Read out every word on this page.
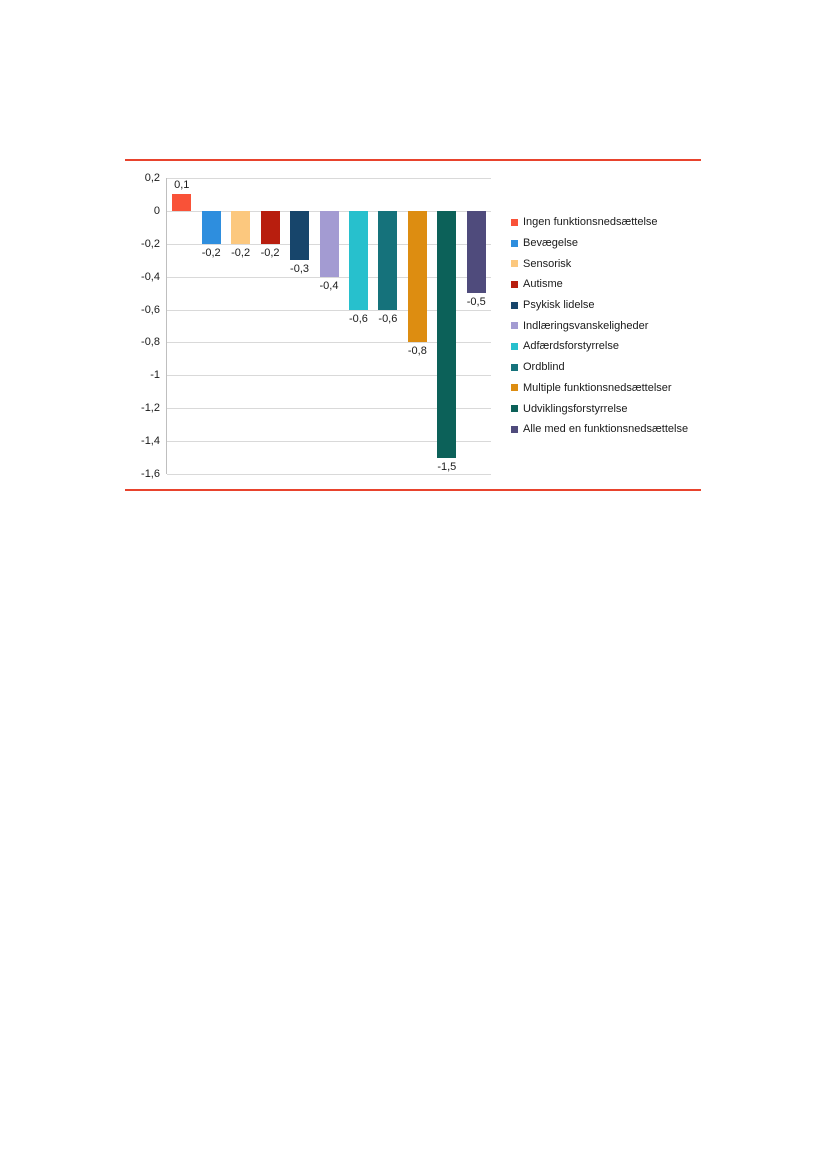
0,2
0
-0,2
-0,4
-0,6
-0,8
-1
-1,2
-1,4
-1,6
0,1
-0,2 -0,2 -0,2
-0,3
-0,4
-0,6 -0,6
-0,8
-1,5
-0,5
Ingen funktionsnedsættelse
Bevægelse
Sensorisk
Autisme
Psykisk lidelse
Indlæringsvanskeligheder
Adfærdsforstyrrelse
Ordblind
Multiple funktionsnedsættelser
Udviklingsforstyrrelse
Alle med en funktionsnedsættelse
